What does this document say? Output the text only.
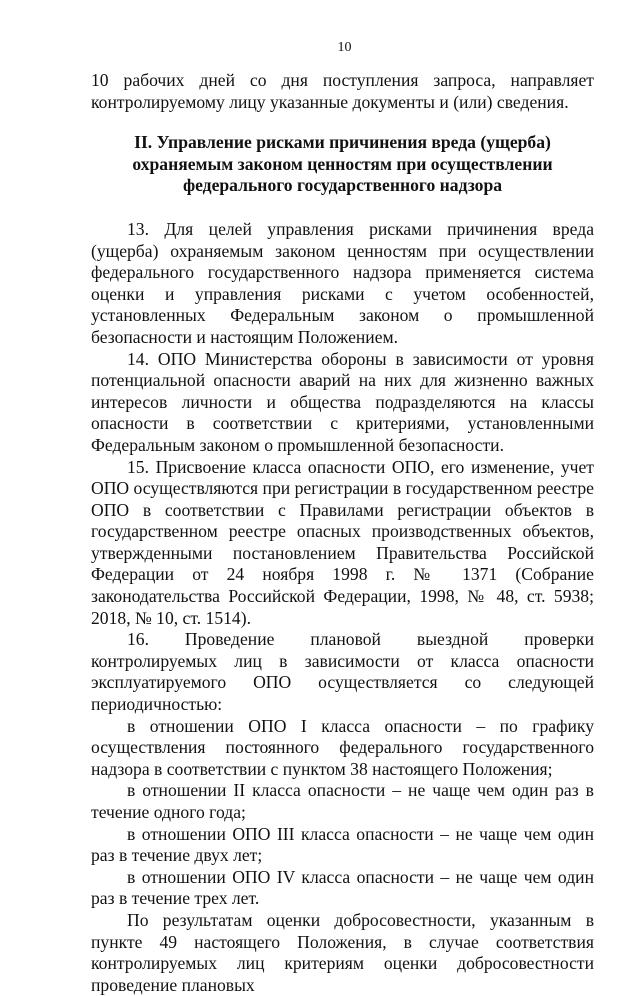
10

10 рабочих дней со дня поступления запроса, направляет контролируемому лицу указанные документы и (или) сведения.

II. Управление рисками причинения вреда (ущерба)
охраняемым законом ценностям при осуществлении
федерального государственного надзора

13. Для целей управления рисками причинения вреда (ущерба) охраняемым законом ценностям при осуществлении федерального государственного надзора применяется система оценки и управления рисками с учетом особенностей, установленных Федеральным законом о промышленной безопасности и настоящим Положением.

14. ОПО Министерства обороны в зависимости от уровня потенциальной опасности аварий на них для жизненно важных интересов личности и общества подразделяются на классы опасности в соответствии с критериями, установленными Федеральным законом о промышленной безопасности.

15. Присвоение класса опасности ОПО, его изменение, учет ОПО осуществляются при регистрации в государственном реестре ОПО в соответствии с Правилами регистрации объектов в государственном реестре опасных производственных объектов, утвержденными постановлением Правительства Российской Федерации от 24 ноября 1998 г. № 1371 (Собрание законодательства Российской Федерации, 1998, № 48, ст. 5938; 2018, № 10, ст. 1514).

16. Проведение плановой выездной проверки контролируемых лиц в зависимости от класса опасности эксплуатируемого ОПО осуществляется со следующей периодичностью:

в отношении ОПО I класса опасности – по графику осуществления постоянного федерального государственного надзора в соответствии с пунктом 38 настоящего Положения;

в отношении II класса опасности – не чаще чем один раз в течение одного года;

в отношении ОПО III класса опасности – не чаще чем один раз в течение двух лет;

в отношении ОПО IV класса опасности – не чаще чем один раз в течение трех лет.

По результатам оценки добросовестности, указанным в пункте 49 настоящего Положения, в случае соответствия контролируемых лиц критериям оценки добросовестности проведение плановых
